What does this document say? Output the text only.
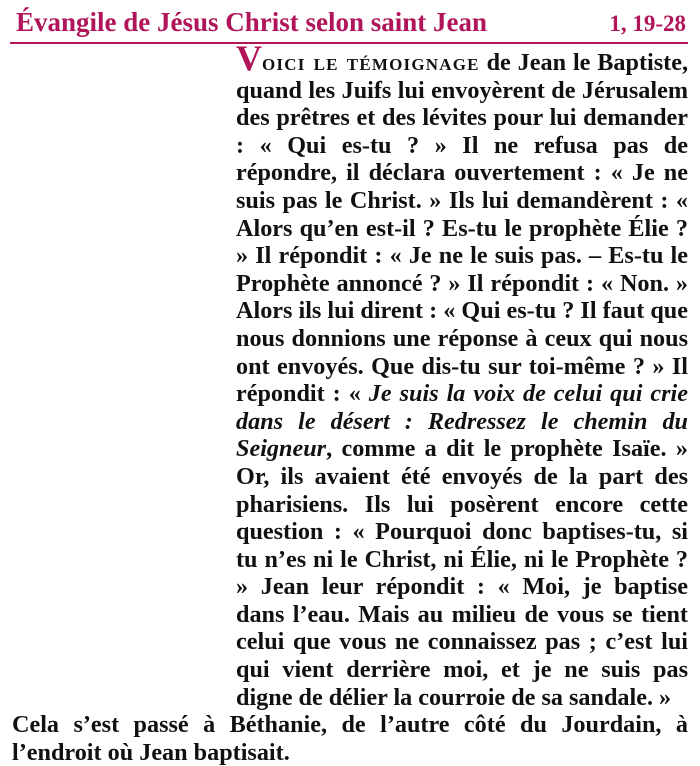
Évangile de Jésus Christ selon saint Jean	1, 19-28

Voici le témoignage de Jean le Baptiste, quand les Juifs lui envoyèrent de Jérusalem des prêtres et des lévites pour lui demander : « Qui es-tu ? » Il ne refusa pas de répondre, il déclara ouvertement : « Je ne suis pas le Christ. » Ils lui demandèrent : « Alors qu’en est-il ? Es-tu le prophète Élie ? » Il répondit : « Je ne le suis pas. – Es-tu le Prophète annoncé ? » Il répondit : « Non. » Alors ils lui dirent : « Qui es-tu ? Il faut que nous donnions une réponse à ceux qui nous ont envoyés. Que dis-tu sur toi-même ? » Il répondit : « Je suis la voix de celui qui crie dans le désert : Redressez le chemin du Seigneur, comme a dit le prophète Isaïe. » Or, ils avaient été envoyés de la part des pharisiens. Ils lui posèrent encore cette question : « Pourquoi donc baptises-tu, si tu n’es ni le Christ, ni Élie, ni le Prophète ? » Jean leur répondit : « Moi, je baptise dans l’eau. Mais au milieu de vous se tient celui que vous ne connaissez pas ; c’est lui qui vient derrière moi, et je ne suis pas digne de délier la courroie de sa sandale. »

Cela s’est passé à Béthanie, de l’autre côté du Jourdain, à l’endroit où Jean baptisait.
